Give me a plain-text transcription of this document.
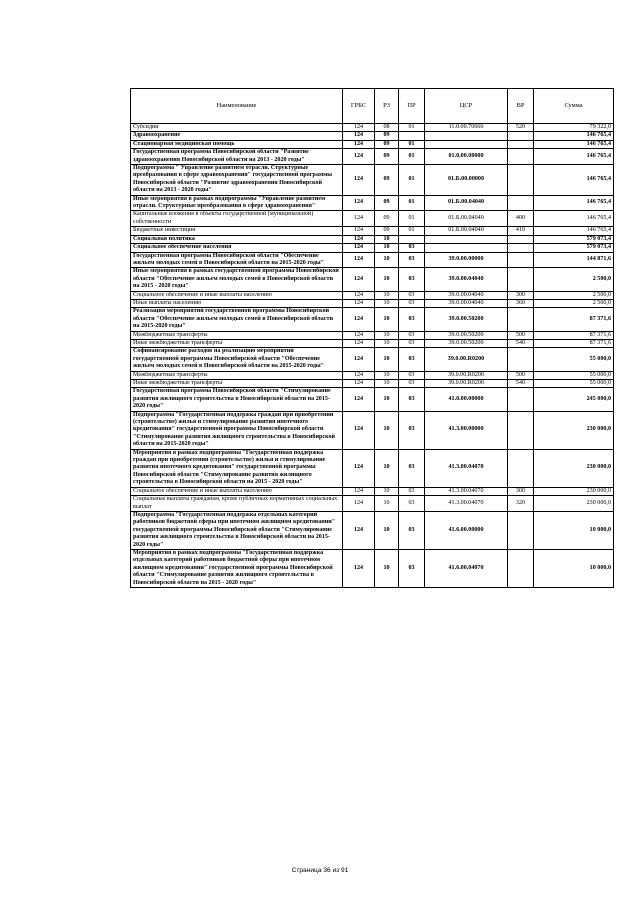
Наименование	ГРБС	РЗ	ПР	ЦСР	ВР	Сумма
Субсидии	124	08	01	11.0.00.70660	520	79 322,0
Здравоохранение	124	09				146 765,4
Стационарная медицинская помощь	124	09	01			146 765,4
Государственная программа Новосибирской области "Развитие здравоохранения Новосибирской области на 2013 - 2020 годы"	124	09	01	01.0.00.00000		146 765,4
Подпрограмма " Управление развитием отрасли. Структурные преобразования в сфере здравоохранения" государственной программы Новосибирской области "Развитие здравоохранения Новосибирской области на 2013 - 2020 годы"	124	09	01	01.Б.00.00000		146 765,4
Иные мероприятия в рамках подпрограммы "Управление развитием отрасли. Структурные преобразования в сфере здравоохранения"	124	09	01	01.Б.00.04040		146 765,4
Капитальные вложения в объекты государственной (муниципальной) собственности	124	09	01	01.Б.00.04040	400	146 765,4
Бюджетные инвестиции	124	09	01	01.Б.00.04040	410	146 765,4
Социальная политика	124	10				579 073,4
Социальное обеспечение населения	124	10	03			579 073,4
Государственная программа Новосибирской области "Обеспечение жильем молодых семей в Новосибирской области на 2015-2020 годы"	124	10	03	39.0.00.00000		144 871,6
Иные мероприятия в рамках государственной программы Новосибирской области "Обеспечение жильем молодых семей в Новосибирской области на 2015 - 2020 годы"	124	10	03	39.0.00.04040		2 500,0
Социальное обеспечение и иные выплаты населению	124	10	03	39.0.00.04040	300	2 500,0
Иные выплаты населению	124	10	03	39.0.00.04040	360	2 500,0
Реализация мероприятий государственной программы Новосибирской области "Обеспечение жильем молодых семей в Новосибирской области на 2015-2020 годы"	124	10	03	39.0.00.50200		87 371,6
Межбюджетные трансферты	124	10	03	39.0.00.50200	500	87 371,6
Иные межбюджетные трансферты	124	10	03	39.0.00.50200	540	87 371,6
Софинансирование расходов на реализацию мероприятий государственной программы Новосибирской области "Обеспечение жильем молодых семей в Новосибирской области на 2015-2020 годы"	124	10	03	39.0.00.R0200		55 000,0
Межбюджетные трансферты	124	10	03	39.0.00.R0200	500	55 000,0
Иные межбюджетные трансферты	124	10	03	39.0.00.R0200	540	55 000,0
Государственная программа Новосибирской области "Стимулирование развития жилищного строительства в Новосибирской области на 2015-2020 годы"	124	10	03	41.0.00.00000		245 000,0
Подпрограмма "Государственная поддержка граждан при приобретении (строительстве) жилья и стимулирование развития ипотечного кредитования" государственной программы Новосибирской области "Стимулирование развития жилищного строительства в Новосибирской области на 2015-2020 годы"	124	10	03	41.3.00.00000		230 000,0
Мероприятия в рамках подпрограммы "Государственная поддержка граждан при приобретении (строительстве) жилья и стимулирование развития ипотечного кредитования" государственной программы Новосибирской области "Стимулирование развития жилищного строительства в Новосибирской области на 2015 - 2020 годы"	124	10	03	41.3.00.04070		230 000,0
Социальное обеспечение и иные выплаты населению	124	10	03	41.3.00.04070	300	230 000,0
Социальные выплаты гражданам, кроме публичных нормативных социальных выплат	124	10	03	41.3.00.04070	320	230 000,0
Подпрограмма "Государственная поддержка отдельных категорий работников бюджетной сферы при ипотечном жилищном кредитовании" государственной программы Новосибирской области "Стимулирование развития жилищного строительства в Новосибирской области на 2015-2020 годы"	124	10	03	41.6.00.00000		10 000,0
Мероприятия в рамках подпрограммы "Государственная поддержка отдельных категорий работников бюджетной сферы при ипотечном жилищном кредитовании" государственной программы Новосибирской области "Стимулирование развития жилищного строительства в Новосибирской области на 2015 - 2020 годы"	124	10	03	41.6.00.04070		10 000,0
Страница 36 из 91
